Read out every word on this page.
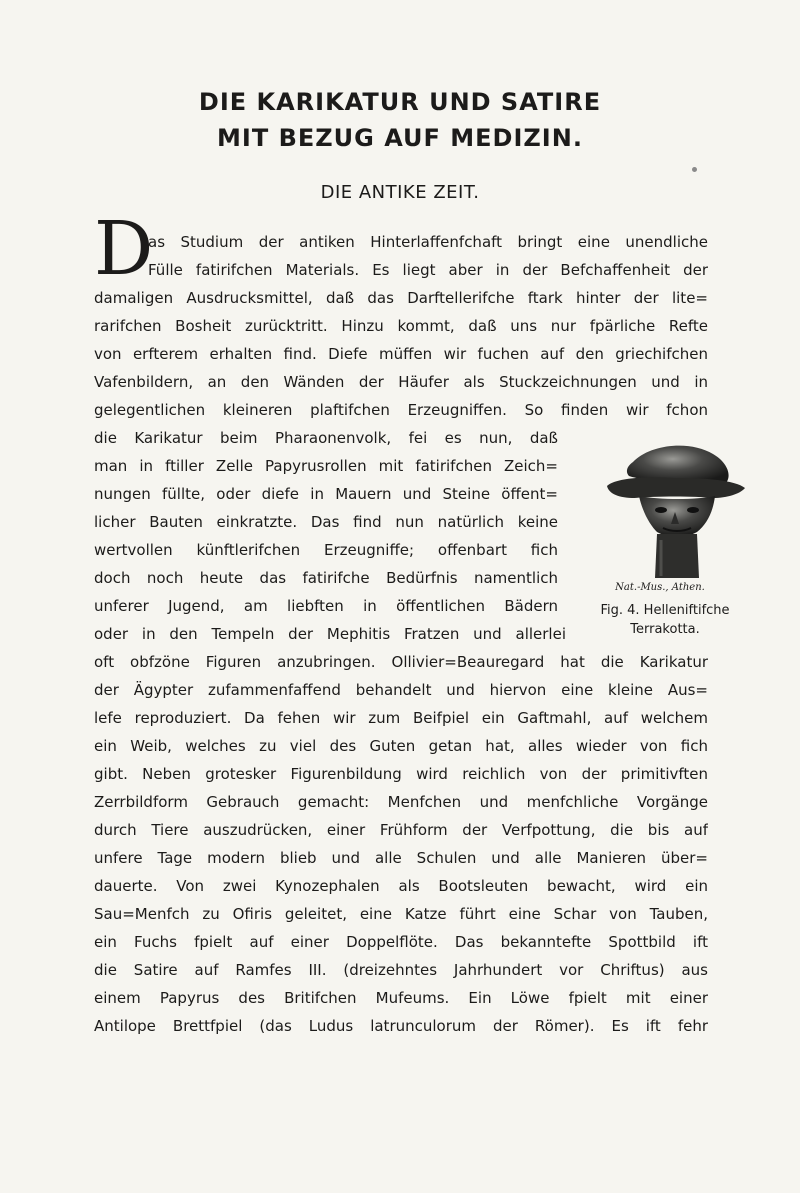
DIE KARIKATUR UND SATIRE
MIT BEZUG AUF MEDIZIN.
DIE ANTIKE ZEIT.
D
as Studium der antiken Hinterlaffenfchaft bringt eine unendliche
Fülle fatirifchen Materials. Es liegt aber in der Befchaffenheit der
damaligen Ausdrucksmittel, daß das Darftellerifche ftark hinter der lite=
rarifchen Bosheit zurücktritt. Hinzu kommt, daß uns nur fpärliche Refte
von erfterem erhalten find. Diefe müffen wir fuchen auf den griechifchen
Vafenbildern, an den Wänden der Häufer als Stuckzeichnungen und in
gelegentlichen kleineren plaftifchen Erzeugniffen. So finden wir fchon
die Karikatur beim Pharaonenvolk, fei es nun, daß
man in ftiller Zelle Papyrusrollen mit fatirifchen Zeich=
nungen füllte, oder diefe in Mauern und Steine öffent=
licher Bauten einkratzte. Das find nun natürlich keine
wertvollen künftlerifchen Erzeugniffe; offenbart fich
doch noch heute das fatirifche Bedürfnis namentlich
unferer Jugend, am liebften in öffentlichen Bädern
oder in den Tempeln der Mephitis Fratzen und allerlei
oft obfzöne Figuren anzubringen. Ollivier=Beauregard hat die Karikatur
der Ägypter zufammenfaffend behandelt und hiervon eine kleine Aus=
lefe reproduziert. Da fehen wir zum Beifpiel ein Gaftmahl, auf welchem
ein Weib, welches zu viel des Guten getan hat, alles wieder von fich
gibt. Neben grotesker Figurenbildung wird reichlich von der primitivften
Zerrbildform Gebrauch gemacht: Menfchen und menfchliche Vorgänge
durch Tiere auszudrücken, einer Frühform der Verfpottung, die bis auf
unfere Tage modern blieb und alle Schulen und alle Manieren über=
dauerte. Von zwei Kynozephalen als Bootsleuten bewacht, wird ein
Sau=Menfch zu Ofiris geleitet, eine Katze führt eine Schar von Tauben,
ein Fuchs fpielt auf einer Doppelflöte. Das bekanntefte Spottbild ift
die Satire auf Ramfes III. (dreizehntes Jahrhundert vor Chriftus) aus
einem Papyrus des Britifchen Mufeums. Ein Löwe fpielt mit einer
Antilope Brettfpiel (das Ludus latrunculorum der Römer). Es ift fehr
Nat.-Mus., Athen.
Fig. 4. Helleniftifche
Terrakotta.
